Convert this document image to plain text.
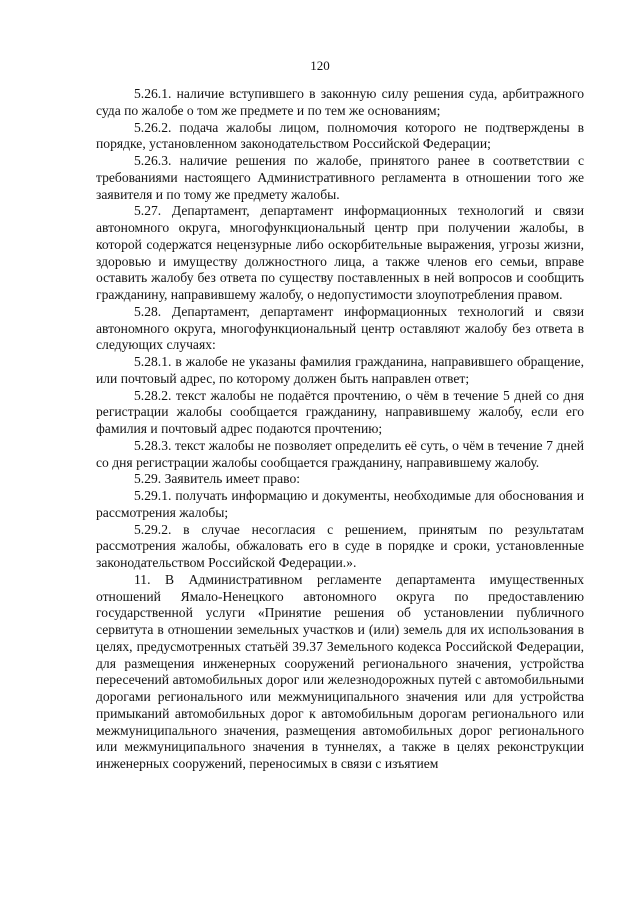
120

5.26.1. наличие вступившего в законную силу решения суда, арбитражного суда по жалобе о том же предмете и по тем же основаниям;

5.26.2. подача жалобы лицом, полномочия которого не подтверждены в порядке, установленном законодательством Российской Федерации;

5.26.3. наличие решения по жалобе, принятого ранее в соответствии с требованиями настоящего Административного регламента в отношении того же заявителя и по тому же предмету жалобы.

5.27. Департамент, департамент информационных технологий и связи автономного округа, многофункциональный центр при получении жалобы, в которой содержатся нецензурные либо оскорбительные выражения, угрозы жизни, здоровью и имуществу должностного лица, а также членов его семьи, вправе оставить жалобу без ответа по существу поставленных в ней вопросов и сообщить гражданину, направившему жалобу, о недопустимости злоупотребления правом.

5.28. Департамент, департамент информационных технологий и связи автономного округа, многофункциональный центр оставляют жалобу без ответа в следующих случаях:

5.28.1. в жалобе не указаны фамилия гражданина, направившего обращение, или почтовый адрес, по которому должен быть направлен ответ;

5.28.2. текст жалобы не подаётся прочтению, о чём в течение 5 дней со дня регистрации жалобы сообщается гражданину, направившему жалобу, если его фамилия и почтовый адрес подаются прочтению;

5.28.3. текст жалобы не позволяет определить её суть, о чём в течение 7 дней со дня регистрации жалобы сообщается гражданину, направившему жалобу.

5.29. Заявитель имеет право:

5.29.1. получать информацию и документы, необходимые для обоснования и рассмотрения жалобы;

5.29.2. в случае несогласия с решением, принятым по результатам рассмотрения жалобы, обжаловать его в суде в порядке и сроки, установленные законодательством Российской Федерации.».

11. В Административном регламенте департамента имущественных отношений Ямало-Ненецкого автономного округа по предоставлению государственной услуги «Принятие решения об установлении публичного сервитута в отношении земельных участков и (или) земель для их использования в целях, предусмотренных статьёй 39.37 Земельного кодекса Российской Федерации, для размещения инженерных сооружений регионального значения, устройства пересечений автомобильных дорог или железнодорожных путей с автомобильными дорогами регионального или межмуниципального значения или для устройства примыканий автомобильных дорог к автомобильным дорогам регионального или межмуниципального значения, размещения автомобильных дорог регионального или межмуниципального значения в туннелях, а также в целях реконструкции инженерных сооружений, переносимых в связи с изъятием
